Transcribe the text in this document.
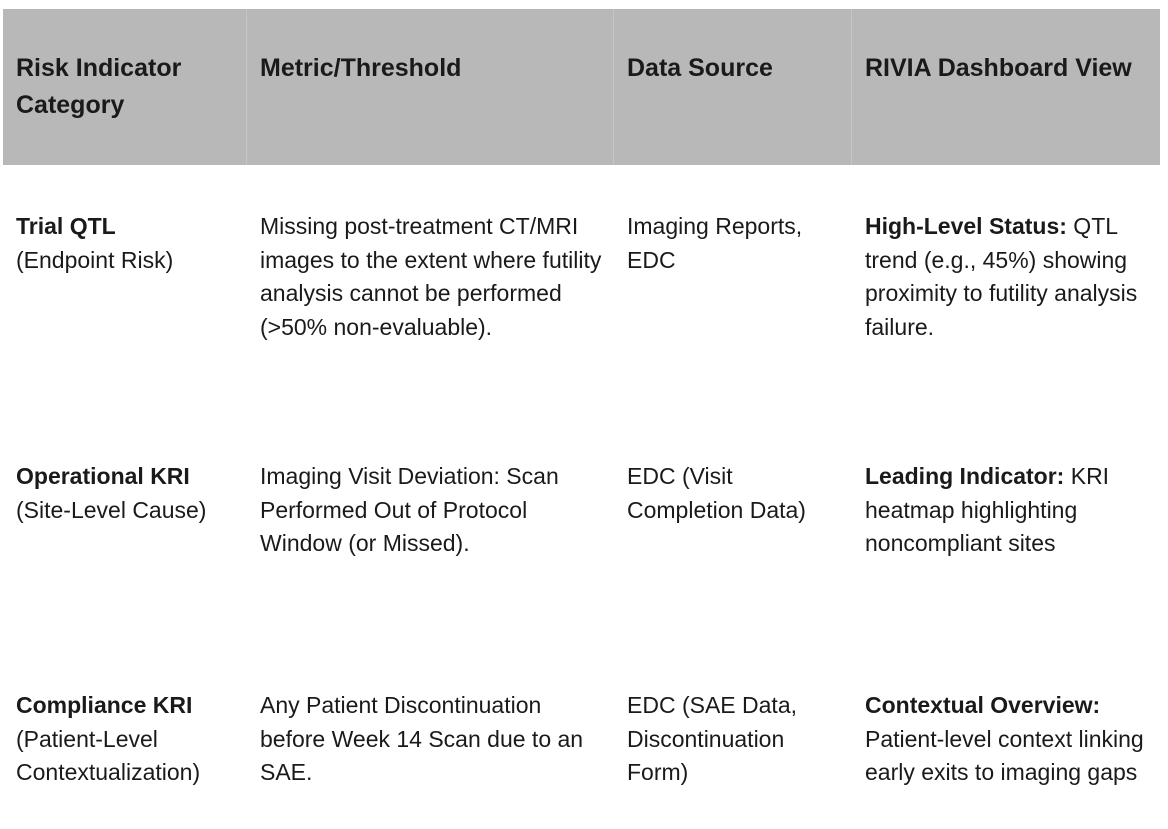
Risk Indicator Category
Metric/Threshold	Data Source	RIVIA Dashboard View
Trial QTL
(Endpoint Risk)
Missing post-treatment CT/MRI images to the extent where futility analysis cannot be performed (>50% non-evaluable).
Imaging Reports, EDC
High-Level Status: QTL trend (e.g., 45%) showing proximity to futility analysis failure.
Operational KRI
(Site-Level Cause)
Imaging Visit Deviation: Scan Performed Out of Protocol Window (or Missed).
EDC (Visit Completion Data)
Leading Indicator: KRI heatmap highlighting noncompliant sites
Compliance KRI
(Patient-Level Contextualization)
Any Patient Discontinuation before Week 14 Scan due to an SAE.
EDC (SAE Data, Discontinuation Form)
Contextual Overview: Patient-level context linking early exits to imaging gaps
